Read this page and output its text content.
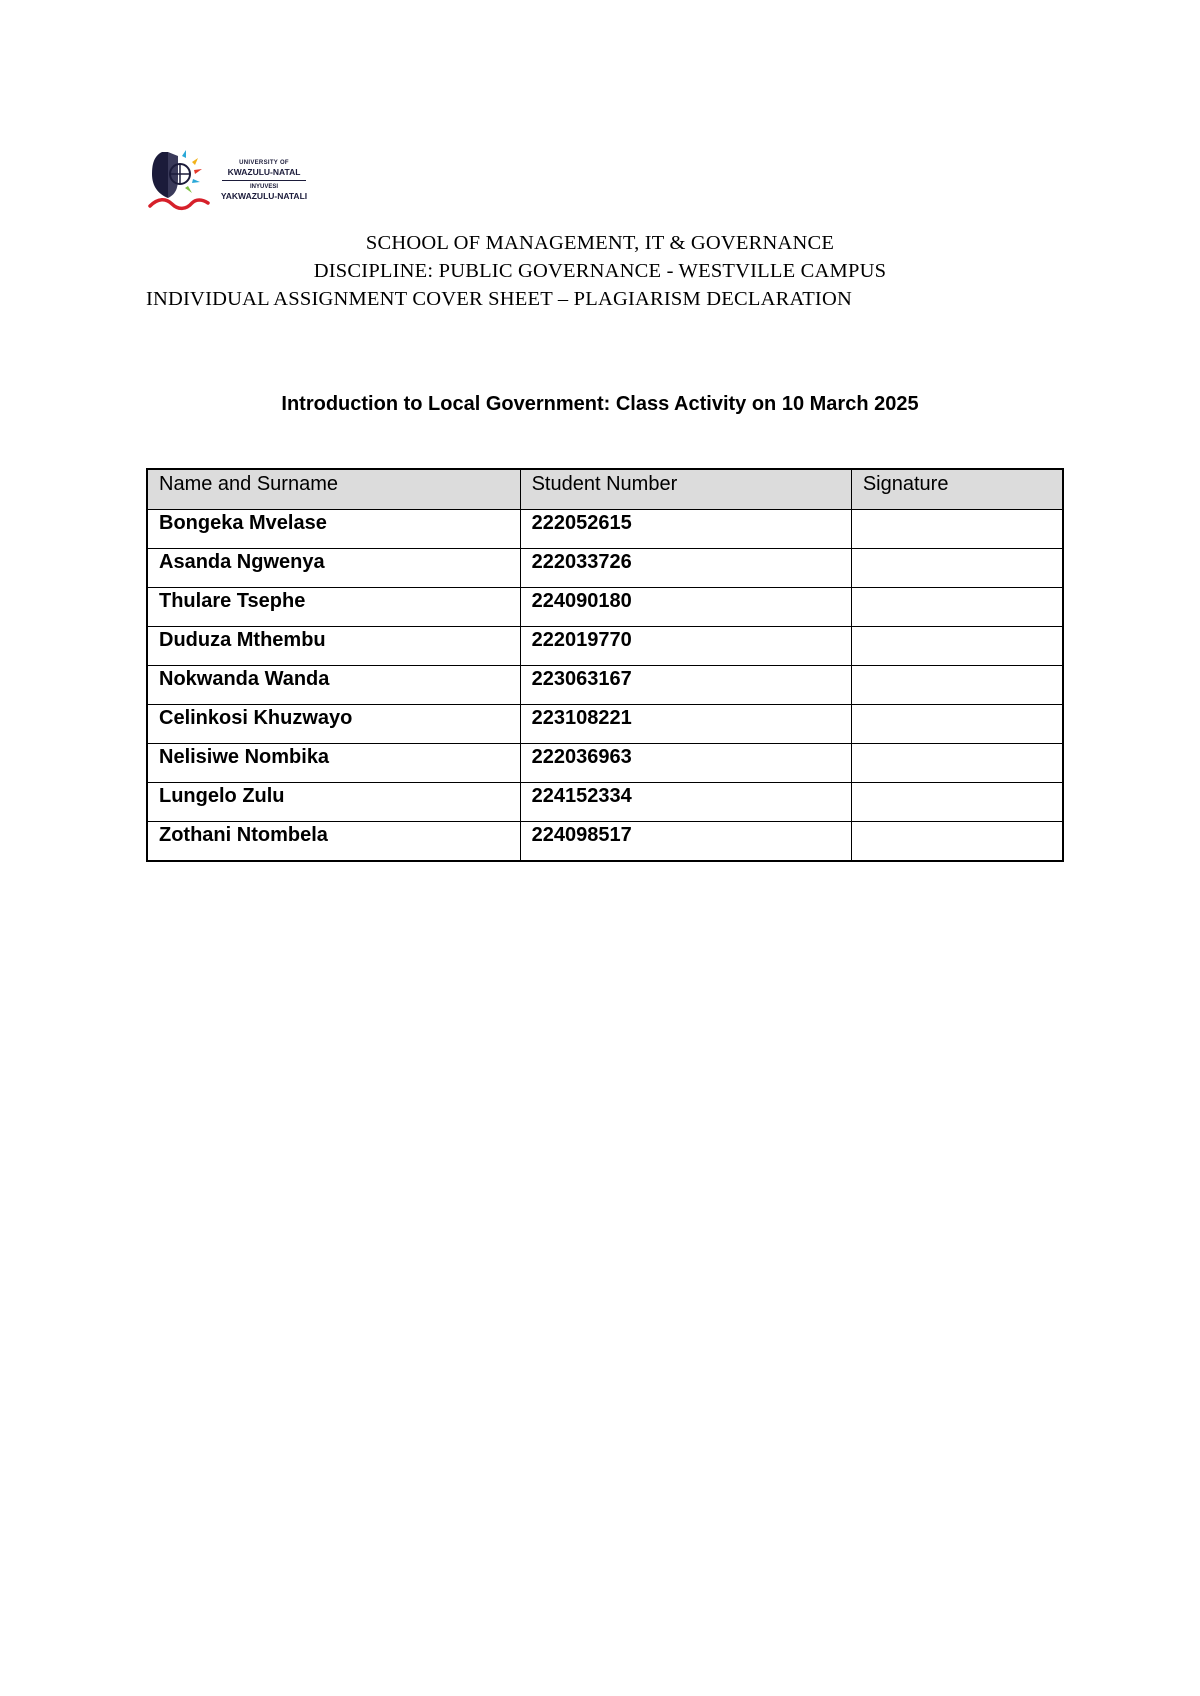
UNIVERSITY OF
KWAZULU-NATAL
INYUVESI
YAKWAZULU-NATALI
SCHOOL OF MANAGEMENT, IT & GOVERNANCE
DISCIPLINE: PUBLIC GOVERNANCE - WESTVILLE CAMPUS
INDIVIDUAL ASSIGNMENT COVER SHEET – PLAGIARISM DECLARATION
Introduction to Local Government: Class Activity on 10 March 2025
Name and Surname	Student Number	Signature
Bongeka Mvelase	222052615	
Asanda Ngwenya	222033726	
Thulare Tsephe	224090180	
Duduza Mthembu	222019770	
Nokwanda Wanda	223063167	
Celinkosi Khuzwayo	223108221	
Nelisiwe Nombika	222036963	
Lungelo Zulu	224152334	
Zothani Ntombela	224098517	
